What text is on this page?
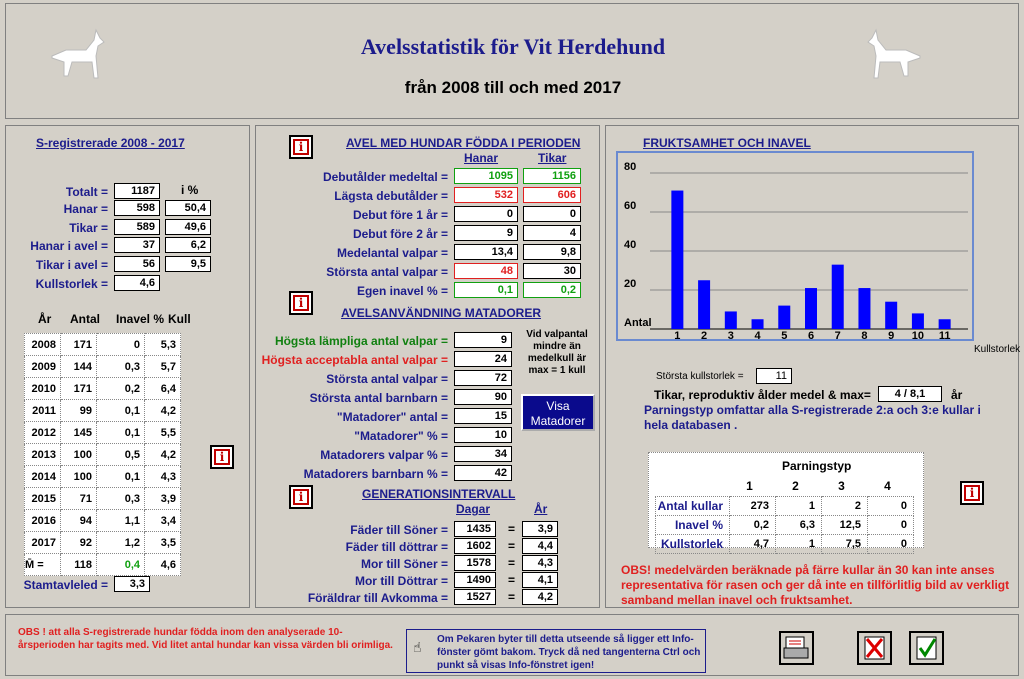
Avelsstatistik för Vit Herdehund
från 2008 till och med 2017
S-registrerade 2008 - 2017
i %
Totalt =	1187
Hanar =	598	50,4
Tikar =	589	49,6
Hanar i avel =	37	6,2
Tikar i avel =	56	9,5
Kullstorlek =	4,6
År Antal Inavel % Kull
2008	171	0	5,3
2009	144	0,3	5,7
2010	171	0,2	6,4
2011	99	0,1	4,2
2012	145	0,1	5,5
2013	100	0,5	4,2
2014	100	0,1	4,3
2015	71	0,3	3,9
2016	94	1,1	3,4
2017	92	1,2	3,5
M̄ =	118	0,4	4,6
Stamtavleled =	3,3
i
i	AVEL MED HUNDAR FÖDDA I PERIODEN
Hanar	Tikar
Debutålder medeltal =	1095	1156
Lägsta debutålder =	532	606
Debut före 1 år =	0	0
Debut före 2 år =	9	4
Medelantal valpar =	13,4	9,8
Största antal valpar =	48	30
Egen inavel % =	0,1	0,2
i
AVELSANVÄNDNING MATADORER
Högsta lämpliga antal valpar =	9
Högsta acceptabla antal valpar =	24
Största antal valpar =	72
Största antal barnbarn =	90
"Matadorer" antal =	15
"Matadorer" % =	10
Matadorers valpar % =	34
Matadorers barnbarn % =	42
Vid valpantal mindre än medelkull är max = 1 kull
Visa Matadorer
i	GENERATIONSINTERVALL
Dagar	År
Fäder till Söner =	1435	=	3,9
Fäder till döttrar =	1602	=	4,4
Mor till Söner =	1578	=	4,3
Mor till Döttrar =	1490	=	4,1
Föräldrar till Avkomma =	1527	=	4,2
FRUKTSAMHET OCH INAVEL
80
60
40
20
Antal
1 2 3 4 5 6 7 8 9 10 11
Kullstorlek
Största kullstorlek =	11
Tikar, reproduktiv ålder medel & max=	4 / 8,1	år
Parningstyp omfattar alla S-registrerade 2:a och 3:e kullar i hela databasen .
Parningstyp
	1	2	3	4
Antal kullar	273	1	2	0
Inavel %	0,2	6,3	12,5	0
Kullstorlek	4,7	1	7,5	0
OBS! medelvärden beräknade på färre kullar än 30 kan inte anses representativa för rasen och ger då inte en tillförlitlig bild av verkligt samband mellan inavel och fruktsamhet.
i
OBS ! att alla S-registrerade hundar födda inom den analyserade 10-årsperioden har tagits med. Vid litet antal hundar kan vissa värden bli orimliga. ☝
Om Pekaren byter till detta utseende så ligger ett Info-fönster gömt bakom. Tryck då ned tangenterna Ctrl och punkt så visas Info-fönstret igen!
